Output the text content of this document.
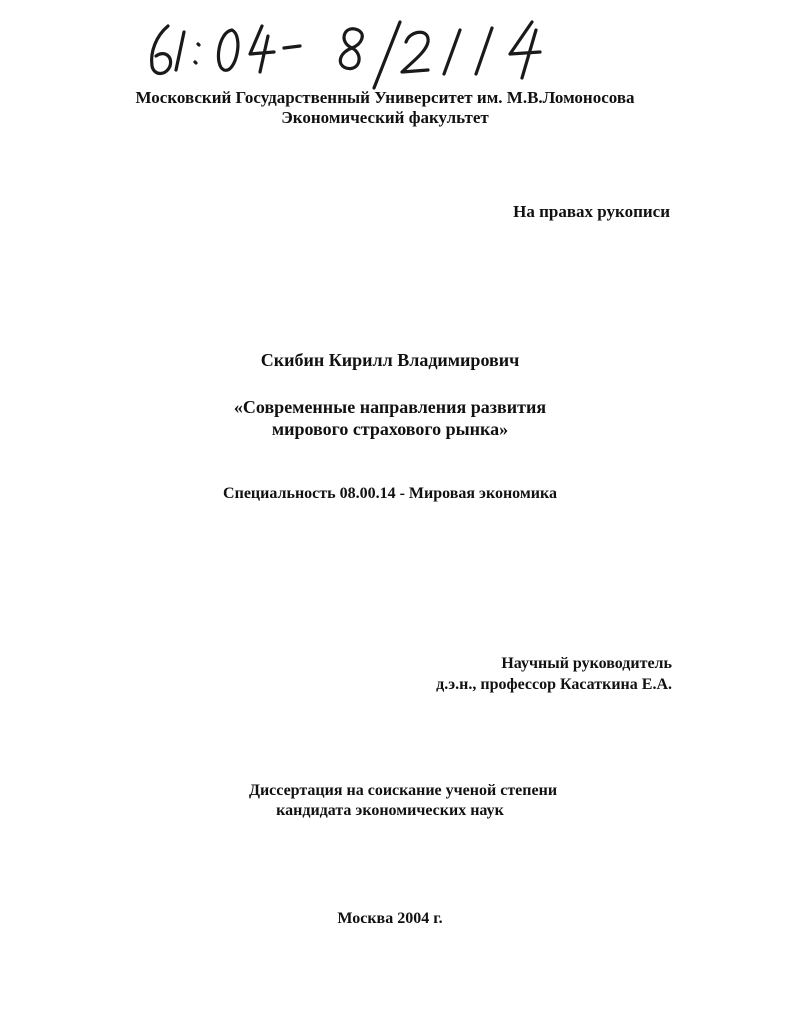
Московский Государственный Университет им. М.В.Ломоносова
Экономический факультет
На правах рукописи
Скибин Кирилл Владимирович
«Современные направления развития
мирового страхового рынка»
Специальность 08.00.14 - Мировая экономика
Научный руководитель
д.э.н., профессор Касаткина Е.А.
Диссертация на соискание ученой степени
кандидата экономических наук
Москва 2004 г.
